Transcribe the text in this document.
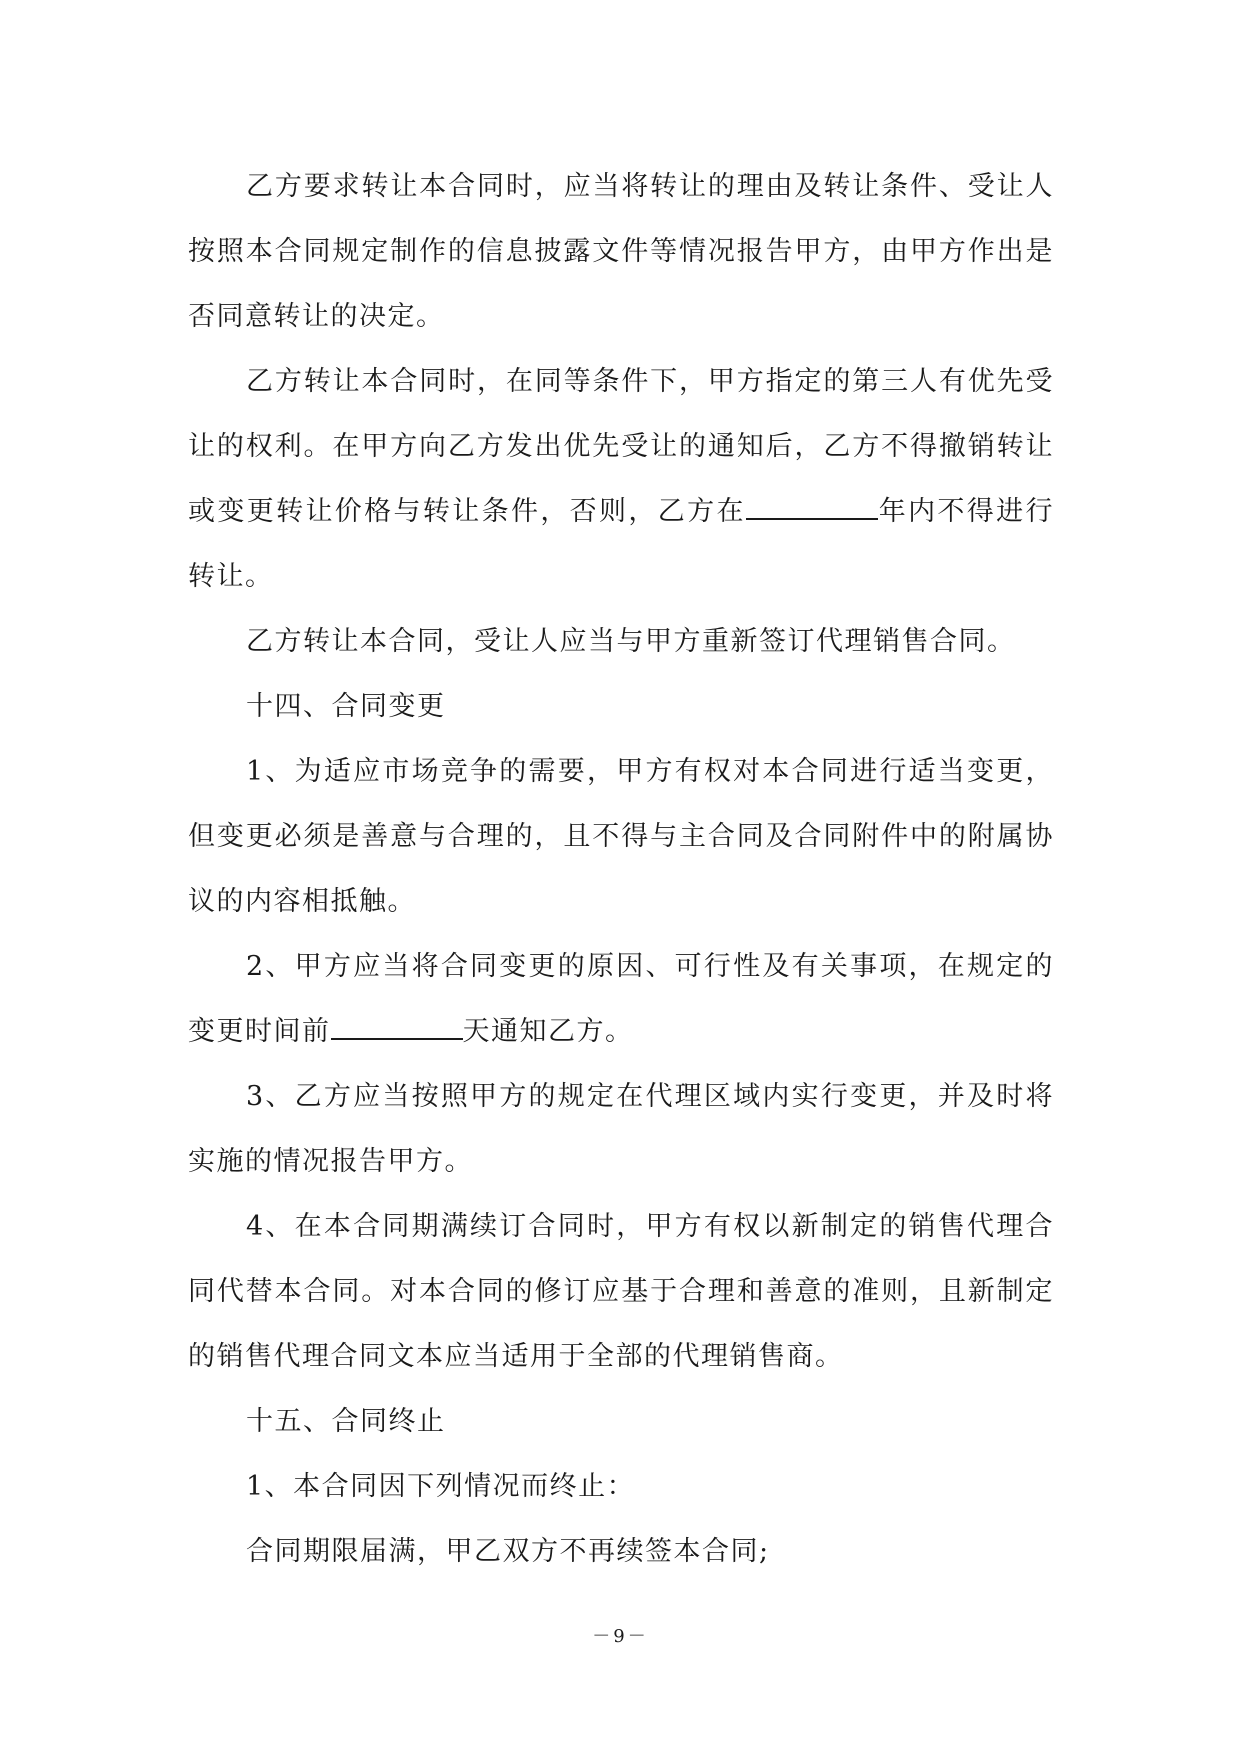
乙方要求转让本合同时，应当将转让的理由及转让条件、受让人按照本合同规定制作的信息披露文件等情况报告甲方，由甲方作出是否同意转让的决定。

乙方转让本合同时，在同等条件下，甲方指定的第三人有优先受让的权利。在甲方向乙方发出优先受让的通知后，乙方不得撤销转让或变更转让价格与转让条件，否则，乙方在	年内不得进行转让。

乙方转让本合同，受让人应当与甲方重新签订代理销售合同。

十四、合同变更

1、为适应市场竞争的需要，甲方有权对本合同进行适当变更，但变更必须是善意与合理的，且不得与主合同及合同附件中的附属协议的内容相抵触。

2、甲方应当将合同变更的原因、可行性及有关事项，在规定的变更时间前	天通知乙方。

3、乙方应当按照甲方的规定在代理区域内实行变更，并及时将实施的情况报告甲方。

4、在本合同期满续订合同时，甲方有权以新制定的销售代理合同代替本合同。对本合同的修订应基于合理和善意的准则，且新制定的销售代理合同文本应当适用于全部的代理销售商。

十五、合同终止

1、本合同因下列情况而终止：

合同期限届满，甲乙双方不再续签本合同;

－9－
